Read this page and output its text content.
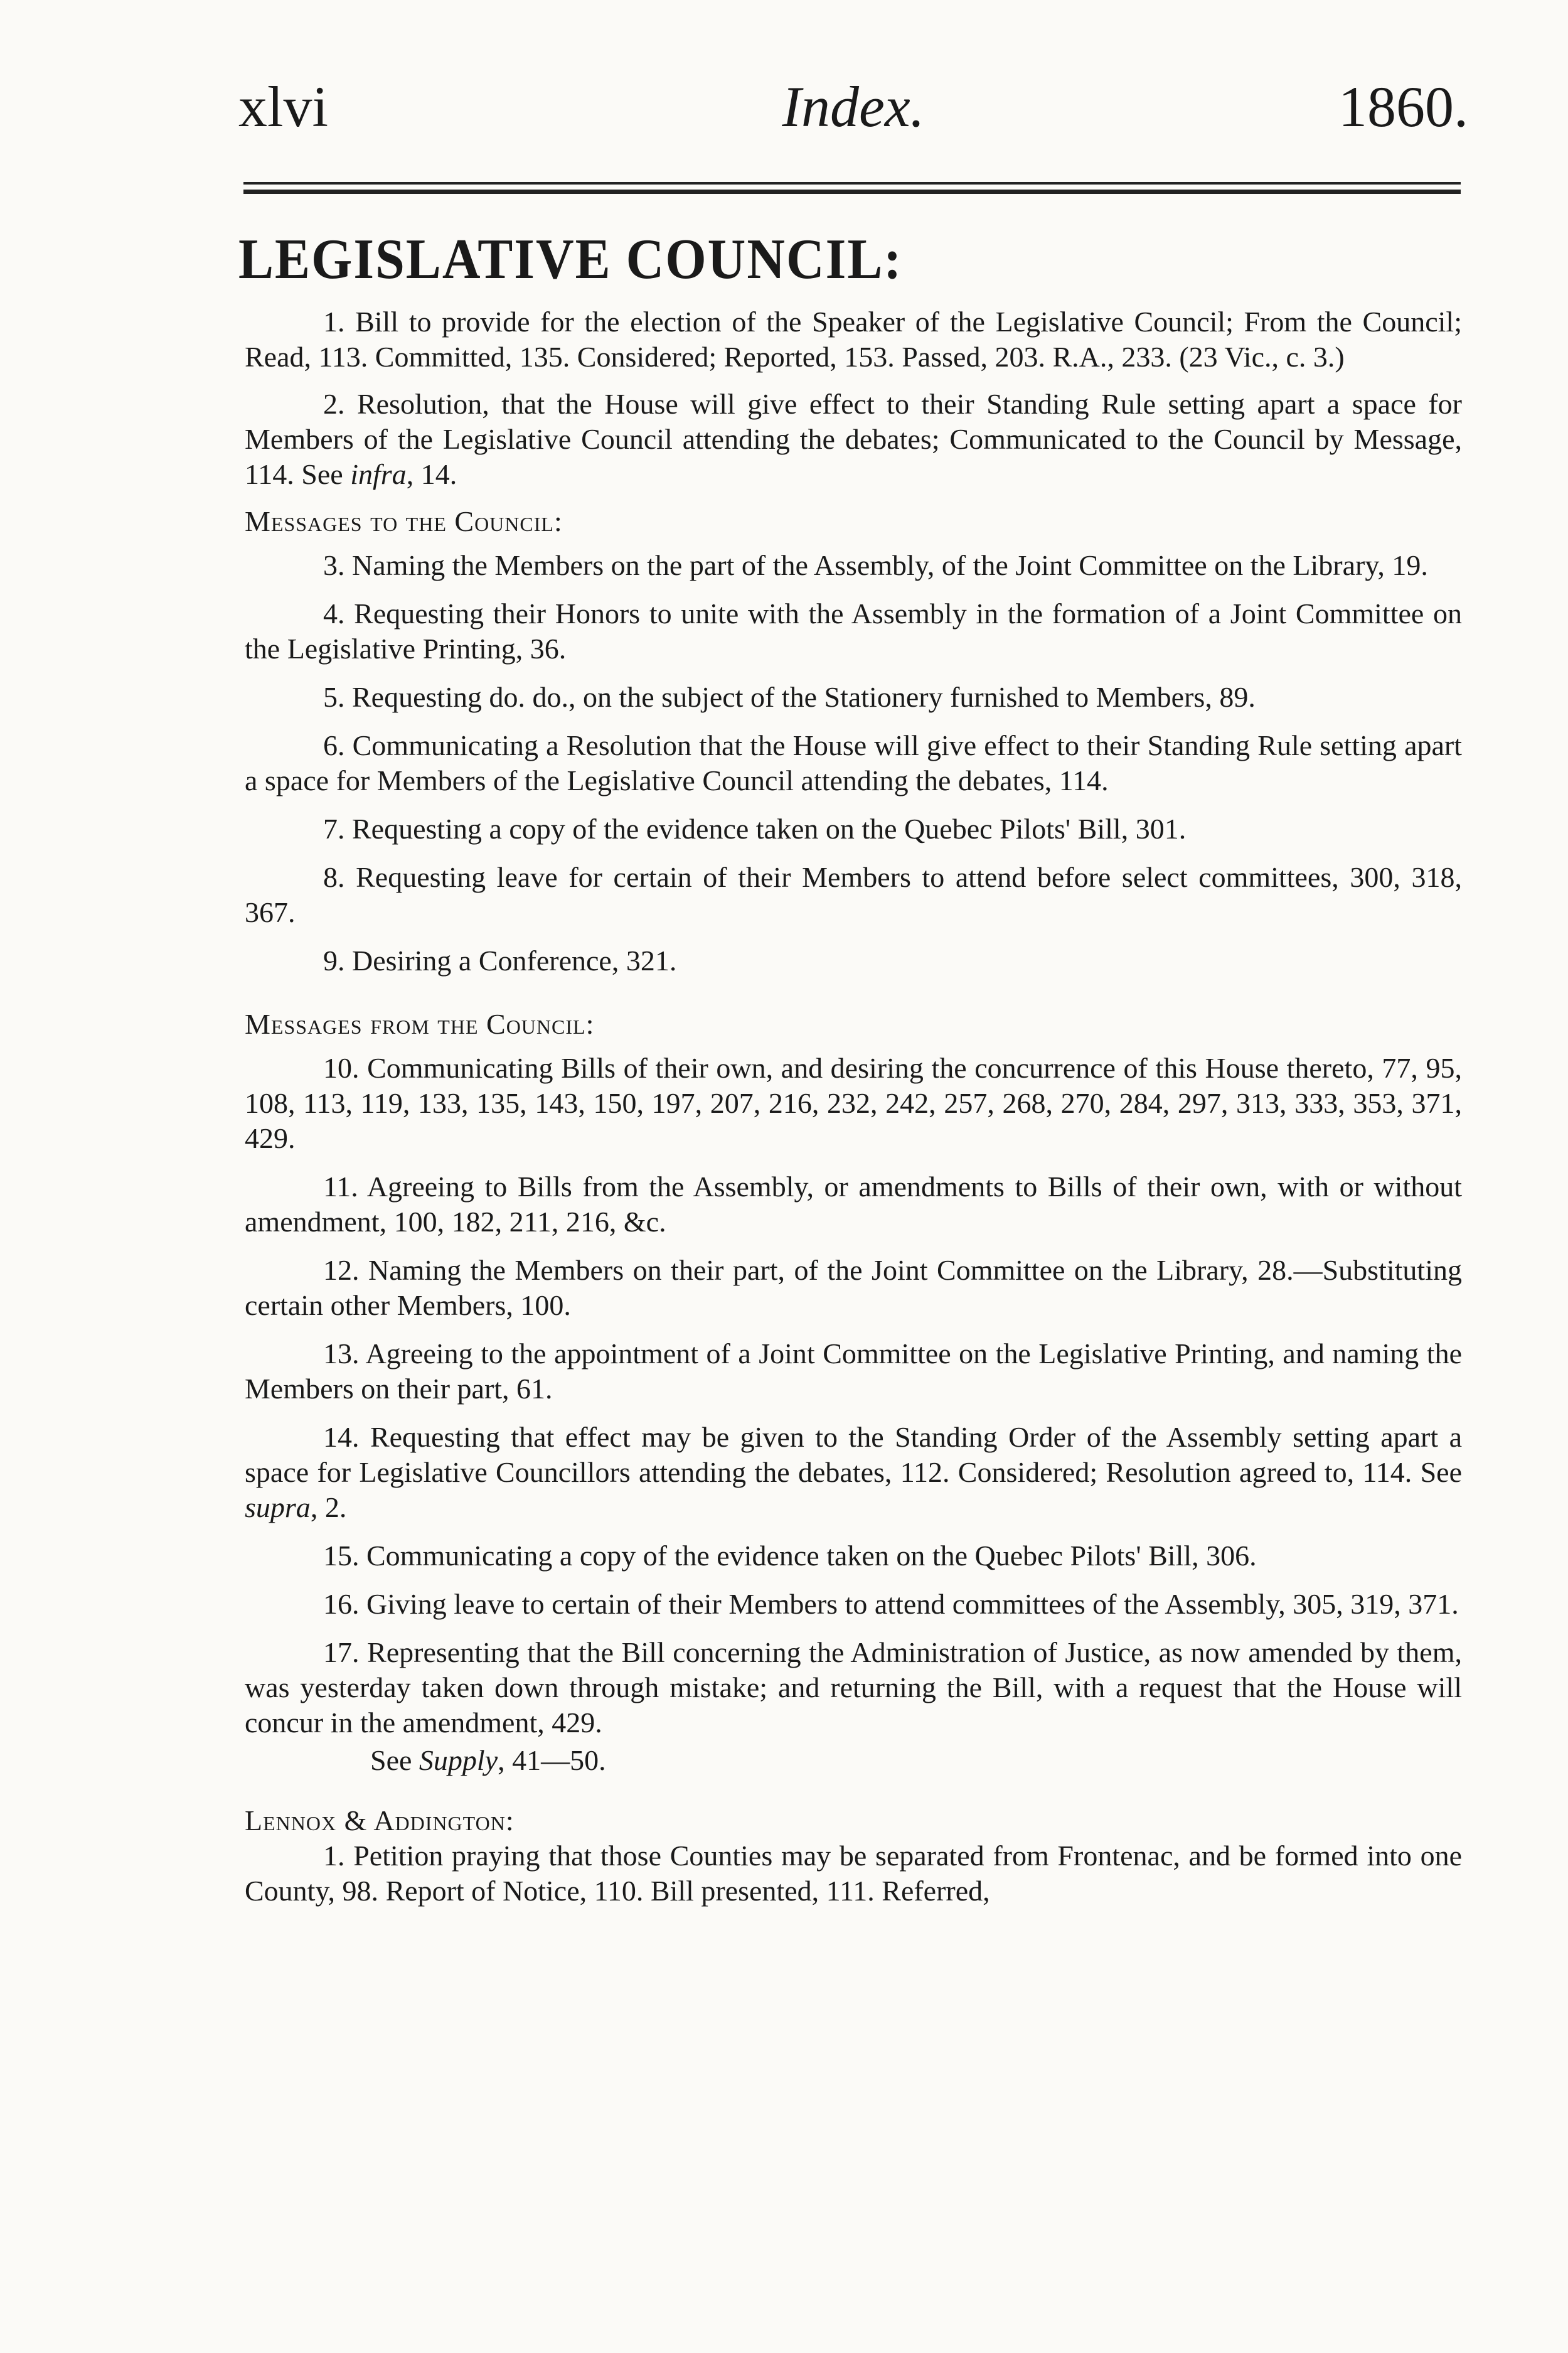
Index.
xlvi	1860.
LEGISLATIVE COUNCIL:

1. Bill to provide for the election of the Speaker of the Legislative Council; From the Council; Read, 113. Committed, 135. Considered; Reported, 153. Passed, 203. R.A., 233. (23 Vic., c. 3.)

2. Resolution, that the House will give effect to their Standing Rule setting apart a space for Members of the Legislative Council attending the debates; Communicated to the Council by Message, 114. See infra, 14.

Messages to the Council:

3. Naming the Members on the part of the Assembly, of the Joint Committee on the Library, 19.

4. Requesting their Honors to unite with the Assembly in the formation of a Joint Committee on the Legislative Printing, 36.

5. Requesting do. do., on the subject of the Stationery furnished to Members, 89.

6. Communicating a Resolution that the House will give effect to their Standing Rule setting apart a space for Members of the Legislative Council attending the debates, 114.

7. Requesting a copy of the evidence taken on the Quebec Pilots' Bill, 301.

8. Requesting leave for certain of their Members to attend before select committees, 300, 318, 367.

9. Desiring a Conference, 321.

Messages from the Council:

10. Communicating Bills of their own, and desiring the concurrence of this House thereto, 77, 95, 108, 113, 119, 133, 135, 143, 150, 197, 207, 216, 232, 242, 257, 268, 270, 284, 297, 313, 333, 353, 371, 429.

11. Agreeing to Bills from the Assembly, or amendments to Bills of their own, with or without amendment, 100, 182, 211, 216, &c.

12. Naming the Members on their part, of the Joint Committee on the Library, 28.—Substituting certain other Members, 100.

13. Agreeing to the appointment of a Joint Committee on the Legislative Printing, and naming the Members on their part, 61.

14. Requesting that effect may be given to the Standing Order of the Assembly setting apart a space for Legislative Councillors attending the debates, 112. Considered; Resolution agreed to, 114. See supra, 2.

15. Communicating a copy of the evidence taken on the Quebec Pilots' Bill, 306.

16. Giving leave to certain of their Members to attend committees of the Assembly, 305, 319, 371.

17. Representing that the Bill concerning the Administration of Justice, as now amended by them, was yesterday taken down through mistake; and returning the Bill, with a request that the House will concur in the amendment, 429.

See Supply, 41—50.

Lennox & Addington:

1. Petition praying that those Counties may be separated from Frontenac, and be formed into one County, 98. Report of Notice, 110. Bill presented, 111. Referred,
